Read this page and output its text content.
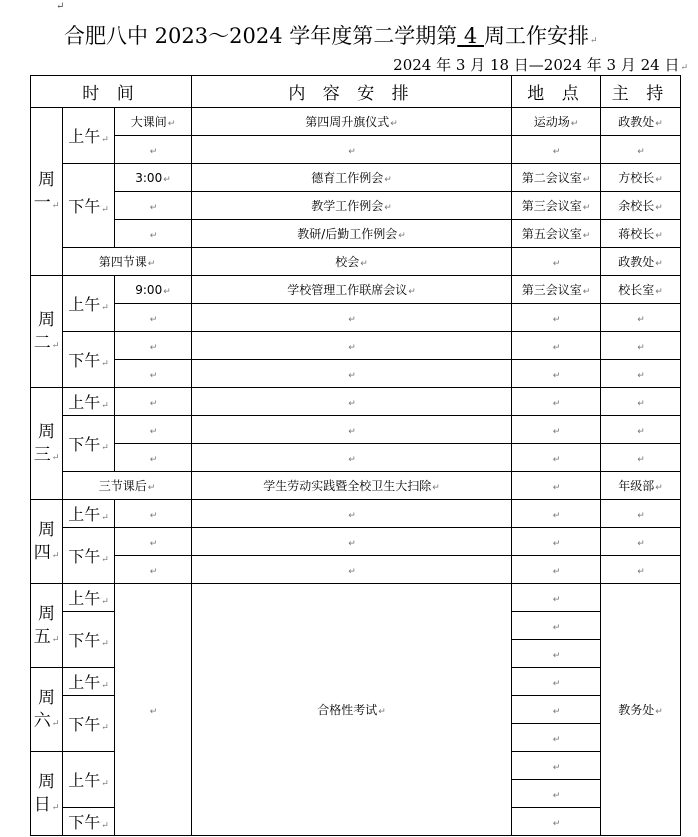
↵
合肥八中 2023～2024 学年度第二学期第 4 周工作安排↵
2024 年 3 月 18 日—2024 年 3 月 24 日↵
时 间			内 容 安 排	地 点	主 持
周一↵	上午↵	大课间↵	第四周升旗仪式↵	运动场↵	政教处↵
		↵	↵	↵	↵
	下午↵	3:00↵	德育工作例会↵	第二会议室↵	方校长↵
		↵	教学工作例会↵	第三会议室↵	余校长↵
		↵	教研/后勤工作例会↵	第五会议室↵	蒋校长↵
	第四节课↵		校会↵	↵	政教处↵
周二↵	上午↵	9:00↵	学校管理工作联席会议↵	第三会议室↵	校长室↵
		↵	↵	↵	↵
	下午↵	↵	↵	↵	↵
		↵	↵	↵	↵
周三↵	上午↵	↵	↵	↵	↵
	下午↵	↵	↵	↵	↵
		↵	↵	↵	↵
	三节课后↵		学生劳动实践暨全校卫生大扫除↵	↵	年级部↵
周四↵	上午↵	↵	↵	↵	↵
	下午↵	↵	↵	↵	↵
		↵	↵	↵	↵
周五↵	上午↵	↵	合格性考试↵	↵	教务处↵
	下午↵			↵	
				↵	
周六↵	上午↵			↵	
	下午↵			↵	
				↵	
周日↵	上午↵			↵	
				↵	
	下午↵			↵	
